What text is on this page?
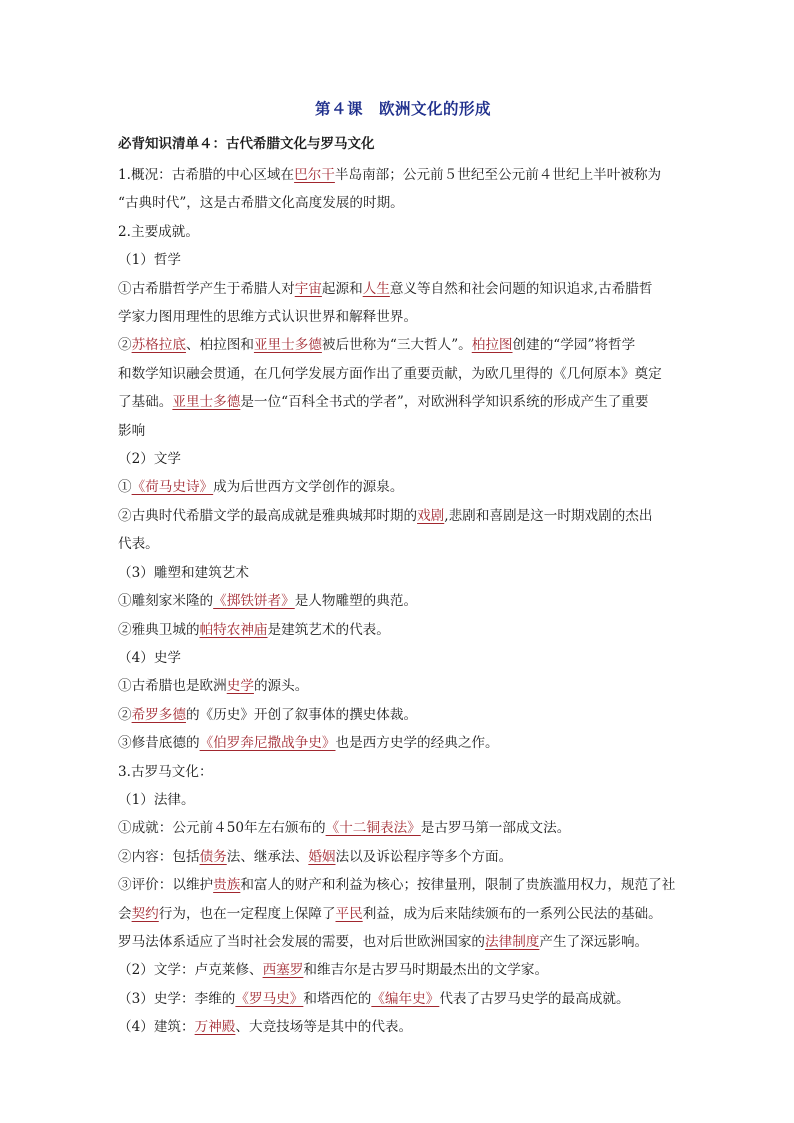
第４课　欧洲文化的形成
必背知识清单４：古代希腊文化与罗马文化
1.概况：古希腊的中心区域在巴尔干半岛南部；公元前５世纪至公元前４世纪上半叶被称为
“古典时代”，这是古希腊文化高度发展的时期。
2.主要成就。
（1）哲学
①古希腊哲学产生于希腊人对宇宙起源和人生意义等自然和社会问题的知识追求,古希腊哲
学家力图用理性的思维方式认识世界和解释世界。
②苏格拉底、柏拉图和亚里士多德被后世称为“三大哲人”。柏拉图创建的“学园”将哲学
和数学知识融会贯通，在几何学发展方面作出了重要贡献，为欧几里得的《几何原本》奠定
了基础。亚里士多德是一位“百科全书式的学者”，对欧洲科学知识系统的形成产生了重要
影响
（2）文学
①《荷马史诗》成为后世西方文学创作的源泉。
②古典时代希腊文学的最高成就是雅典城邦时期的戏剧,悲剧和喜剧是这一时期戏剧的杰出
代表。
（3）雕塑和建筑艺术
①雕刻家米隆的《掷铁饼者》是人物雕塑的典范。
②雅典卫城的帕特农神庙是建筑艺术的代表。
（4）史学
①古希腊也是欧洲史学的源头。
②希罗多德的《历史》开创了叙事体的撰史体裁。
③修昔底德的《伯罗奔尼撒战争史》也是西方史学的经典之作。
3.古罗马文化：
（1）法律。
①成就：公元前４50年左右颁布的《十二铜表法》是古罗马第一部成文法。
②内容：包括债务法、继承法、婚姻法以及诉讼程序等多个方面。
③评价：以维护贵族和富人的财产和利益为核心；按律量刑，限制了贵族滥用权力，规范了社
会契约行为，也在一定程度上保障了平民利益，成为后来陆续颁布的一系列公民法的基础。
罗马法体系适应了当时社会发展的需要，也对后世欧洲国家的法律制度产生了深远影响。
（2）文学：卢克莱修、西塞罗和维吉尔是古罗马时期最杰出的文学家。
（3）史学：李维的《罗马史》和塔西佗的《编年史》代表了古罗马史学的最高成就。
（4）建筑：万神殿、大竞技场等是其中的代表。
